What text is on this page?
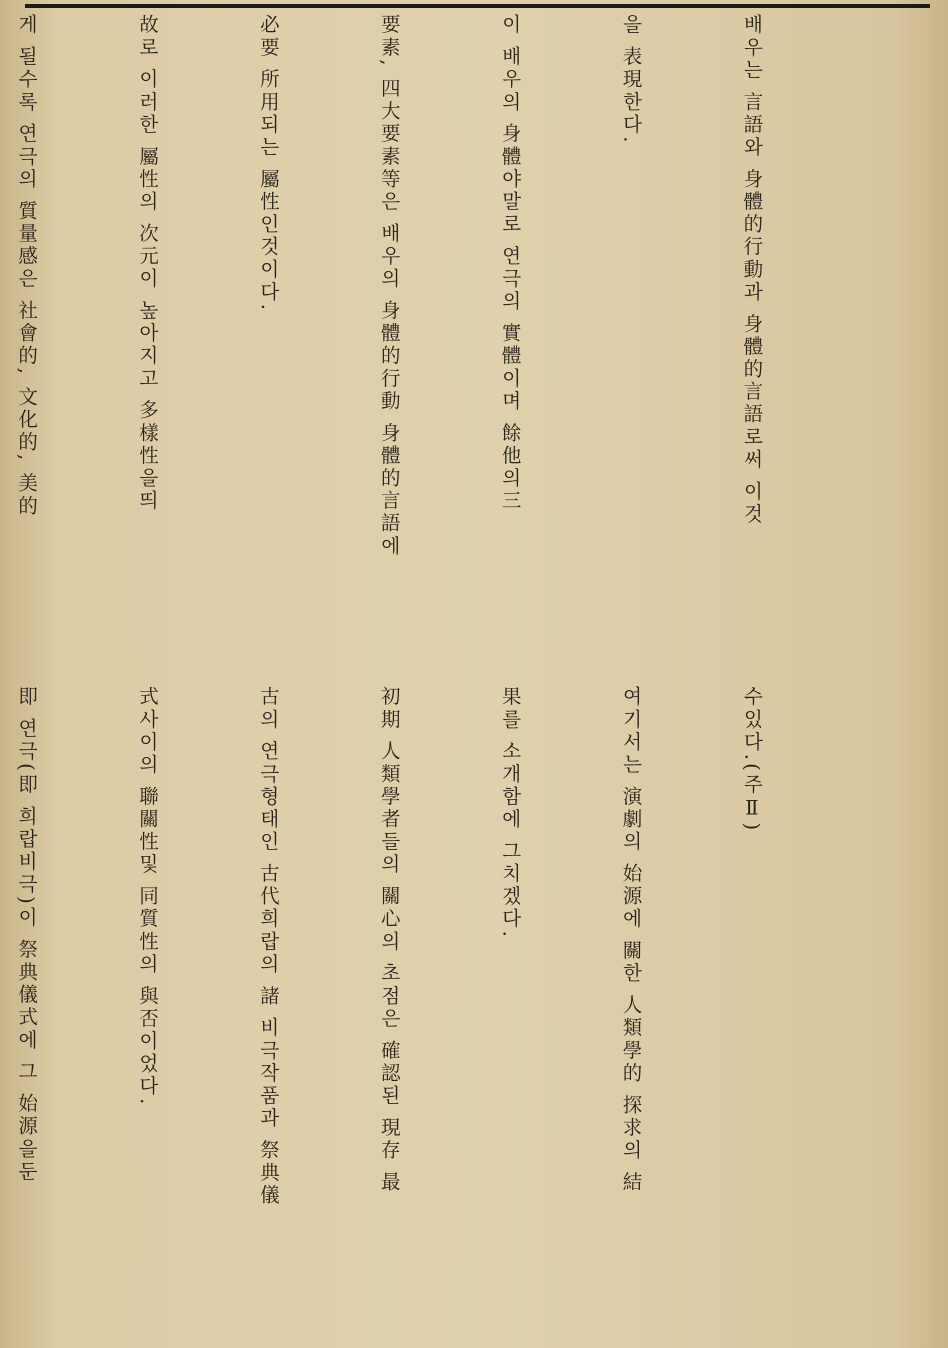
배우는 言語와 身體的行動과 身體的言語로써 이것

을 表現한다.

이 배우의 身體야말로 연극의 實體이며 餘他의三

要素, 四大要素等은 배우의 身體的行動 身體的言語에

必要 所用되는 屬性인것이다.

故로 이러한 屬性의 次元이 높아지고 多樣性을띄

게 될수록 연극의 質量感은 社會的, 文化的, 美的

수있다.(주Ⅱ)

여기서는 演劇의 始源에 關한 人類學的 探求의 結

果를 소개함에 그치겠다.

初期 人類學者들의 關心의 초점은 確認된 現存 最

古의 연극형태인 古代희랍의 諸 비극작품과 祭典儀

式사이의 聯關性및 同質性의 與否이었다.

即 연극(即 희랍비극)이 祭典儀式에 그 始源을둔
